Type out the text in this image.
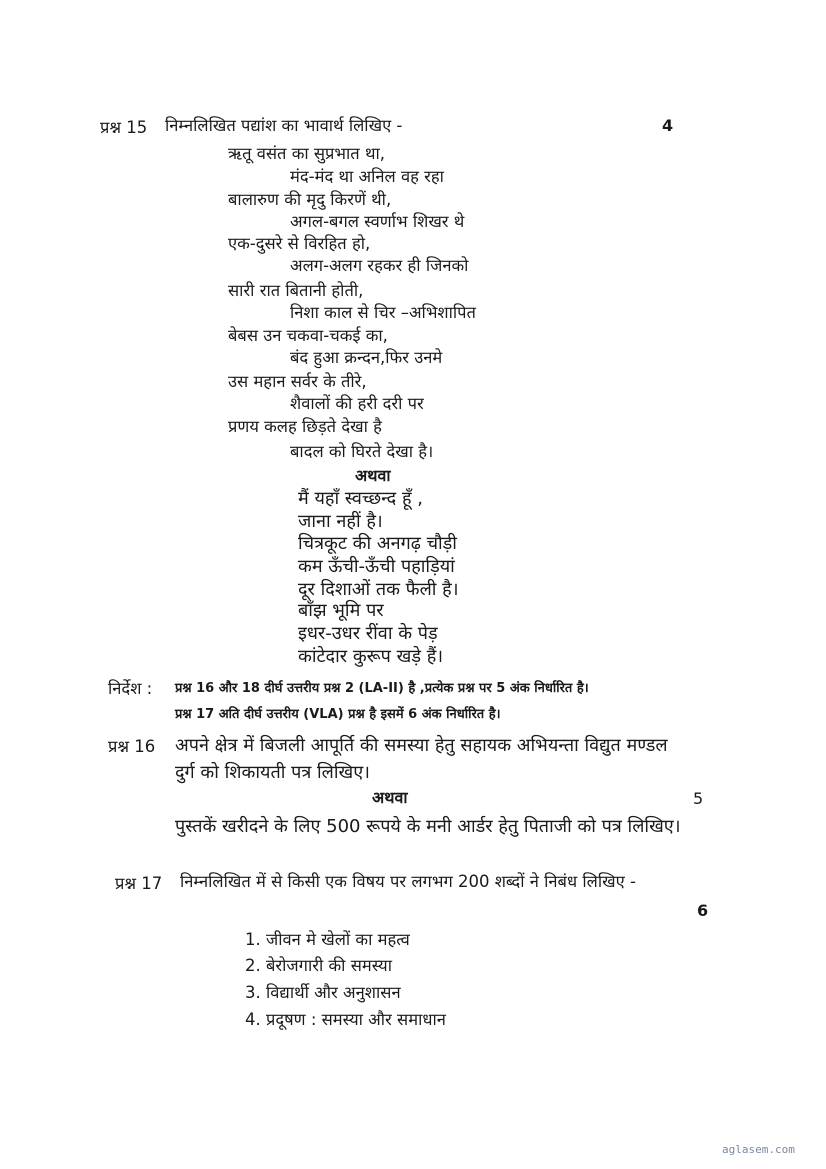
प्रश्न 15 निम्नलिखित पद्यांश का भावार्थ लिखिए -	4
ऋतू वसंत का सुप्रभात था,
मंद-मंद था अनिल वह रहा
बालारुण की मृदु किरणें थी,
अगल-बगल स्वर्णाभ शिखर थे
एक-दुसरे से विरहित हो,
अलग-अलग रहकर ही जिनको
सारी रात बितानी होती,
निशा काल से चिर –अभिशापित
बेबस उन चकवा-चकई का,
बंद हुआ क्रन्दन,फिर उनमे
उस महान सर्वर के तीरे,
शैवालों की हरी दरी पर
प्रणय कलह छिड़ते देखा है
बादल को घिरते देखा है।
अथवा
मैं यहाँ स्वच्छन्द हूँ ,
जाना नहीं है।
चित्रकूट की अनगढ़ चौड़ी
कम ऊँची-ऊँची पहाड़ियां
दूर दिशाओं तक फैली है।
बाँझ भूमि पर
इधर-उधर रींवा के पेड़
कांटेदार कुरूप खड़े हैं।
निर्देश : प्रश्न 16 और 18 दीर्घ उत्तरीय प्रश्न 2 (LA-II) है ,प्रत्येक प्रश्न पर 5 अंक निर्धारित है।
प्रश्न 17 अति दीर्घ उत्तरीय (VLA) प्रश्न है इसमें 6 अंक निर्धारित है।
प्रश्न 16 अपने क्षेत्र में बिजली आपूर्ति की समस्या हेतु सहायक अभियन्ता विद्युत मण्डल
दुर्ग को शिकायती पत्र लिखिए।
अथवा	5
पुस्तकें खरीदने के लिए 500 रूपये के मनी आर्डर हेतु पिताजी को पत्र लिखिए।
प्रश्न 17 निम्नलिखित में से किसी एक विषय पर लगभग 200 शब्दों ने निबंध लिखिए -
6
1. जीवन मे खेलों का महत्व
2. बेरोजगारी की समस्या
3. विद्यार्थी और अनुशासन
4. प्रदूषण : समस्या और समाधान
aglasem.com
